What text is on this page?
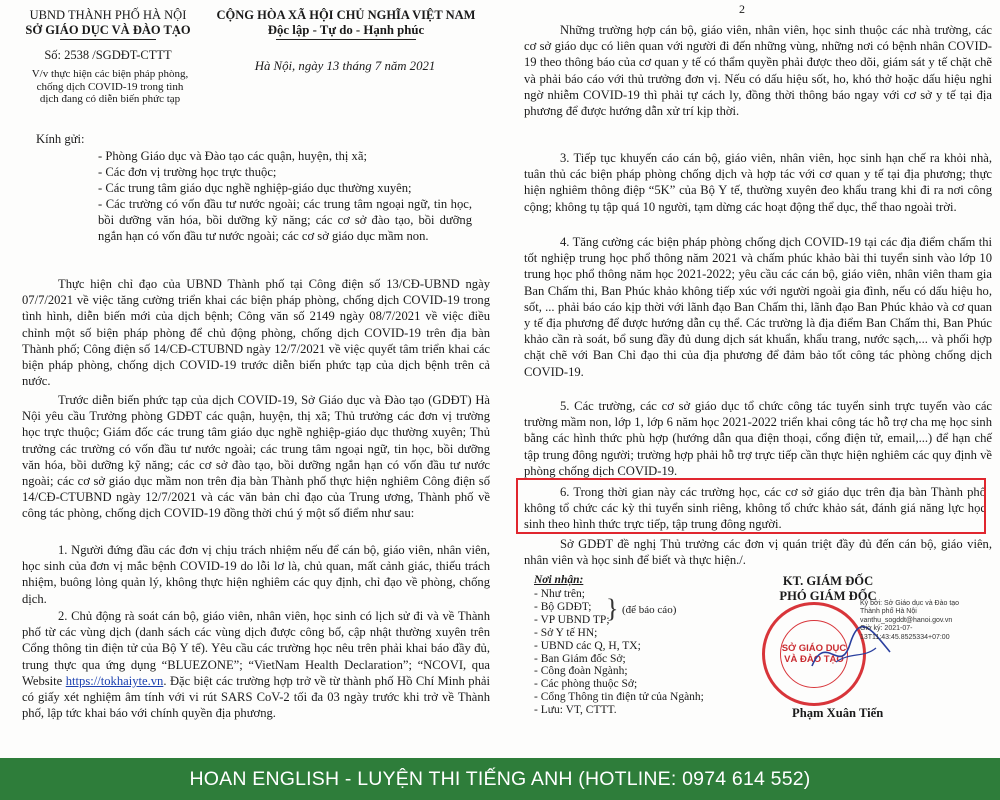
UBND THÀNH PHỐ HÀ NỘI
SỞ GIÁO DỤC VÀ ĐÀO TẠO
CỘNG HÒA XÃ HỘI CHỦ NGHĨA VIỆT NAM
Độc lập - Tự do - Hạnh phúc
Số: 2538 /SGDĐT-CTTT
Hà Nội, ngày 13 tháng 7 năm 2021
V/v thực hiện các biện pháp phòng,
chống dịch COVID-19 trong tình
dịch đang có diễn biến phức tạp
Kính gửi:
- Phòng Giáo dục và Đào tạo các quận, huyện, thị xã;
- Các đơn vị trường học trực thuộc;
- Các trung tâm giáo dục nghề nghiệp-giáo dục thường xuyên;
- Các trường có vốn đầu tư nước ngoài; các trung tâm ngoại ngữ, tin học, bồi dưỡng văn hóa, bồi dưỡng kỹ năng; các cơ sở đào tạo, bồi dưỡng ngắn hạn có vốn đầu tư nước ngoài; các cơ sở giáo dục mầm non.
Thực hiện chỉ đạo của UBND Thành phố tại Công điện số 13/CĐ-UBND ngày 07/7/2021 về việc tăng cường triển khai các biện pháp phòng, chống dịch COVID-19 trong tình hình, diễn biến mới của dịch bệnh; Công văn số 2149 ngày 08/7/2021 về việc điều chỉnh một số biện pháp phòng để chủ động phòng, chống dịch COVID-19 trên địa bàn Thành phố; Công điện số 14/CĐ-CTUBND ngày 12/7/2021 về việc quyết tâm triển khai các biện pháp phòng, chống dịch COVID-19 trước diễn biến phức tạp của dịch bệnh trên cả nước.
Trước diễn biến phức tạp của dịch COVID-19, Sở Giáo dục và Đào tạo (GDĐT) Hà Nội yêu cầu Trưởng phòng GDĐT các quận, huyện, thị xã; Thủ trưởng các đơn vị trường học trực thuộc; Giám đốc các trung tâm giáo dục nghề nghiệp-giáo dục thường xuyên; Thủ trưởng các trường có vốn đầu tư nước ngoài; các trung tâm ngoại ngữ, tin học, bồi dưỡng văn hóa, bồi dưỡng kỹ năng; các cơ sở đào tạo, bồi dưỡng ngắn hạn có vốn đầu tư nước ngoài; các cơ sở giáo dục mầm non trên địa bàn Thành phố thực hiện nghiêm Công điện số 14/CĐ-CTUBND ngày 12/7/2021 và các văn bản chỉ đạo của Trung ương, Thành phố về công tác phòng, chống dịch COVID-19 đồng thời chú ý một số điểm như sau:
1. Người đứng đầu các đơn vị chịu trách nhiệm nếu để cán bộ, giáo viên, nhân viên, học sinh của đơn vị mắc bệnh COVID-19 do lỗi lơ là, chủ quan, mất cảnh giác, thiếu trách nhiệm, buông lỏng quản lý, không thực hiện nghiêm các quy định, chỉ đạo về phòng, chống dịch.
2. Chủ động rà soát cán bộ, giáo viên, nhân viên, học sinh có lịch sử đi và về Thành phố từ các vùng dịch (danh sách các vùng dịch được công bố, cập nhật thường xuyên trên Cổng thông tin điện tử của Bộ Y tế). Yêu cầu các trường học nêu trên phải khai báo đầy đủ, trung thực qua ứng dụng “BLUEZONE”; “VietNam Health Declaration”; “NCOVI, qua Website https://tokhaiyte.vn. Đặc biệt các trường hợp trở về từ thành phố Hồ Chí Minh phải có giấy xét nghiệm âm tính với vi rút SARS CoV-2 tối đa 03 ngày trước khi trở về Thành phố, lập tức khai báo với chính quyền địa phương.
2
Những trường hợp cán bộ, giáo viên, nhân viên, học sinh thuộc các nhà trường, các cơ sở giáo dục có liên quan với người đi đến những vùng, những nơi có bệnh nhân COVID-19 theo thông báo của cơ quan y tế có thẩm quyền phải được theo dõi, giám sát y tế chặt chẽ và phải báo cáo với thủ trưởng đơn vị. Nếu có dấu hiệu sốt, ho, khó thở hoặc dấu hiệu nghi ngờ nhiễm COVID-19 thì phải tự cách ly, đồng thời thông báo ngay với cơ sở y tế tại địa phương để được hướng dẫn xử trí kịp thời.
3. Tiếp tục khuyến cáo cán bộ, giáo viên, nhân viên, học sinh hạn chế ra khỏi nhà, tuân thủ các biện pháp phòng chống dịch và hợp tác với cơ quan y tế tại địa phương; thực hiện nghiêm thông điệp “5K” của Bộ Y tế, thường xuyên đeo khẩu trang khi đi ra nơi công cộng; không tụ tập quá 10 người, tạm dừng các hoạt động thể dục, thể thao ngoài trời.
4. Tăng cường các biện pháp phòng chống dịch COVID-19 tại các địa điểm chấm thi tốt nghiệp trung học phổ thông năm 2021 và chấm phúc khảo bài thi tuyển sinh vào lớp 10 trung học phổ thông năm học 2021-2022; yêu cầu các cán bộ, giáo viên, nhân viên tham gia Ban Chấm thi, Ban Phúc khảo không tiếp xúc với người ngoài gia đình, nếu có dấu hiệu ho, sốt, ... phải báo cáo kịp thời với lãnh đạo Ban Chấm thi, lãnh đạo Ban Phúc khảo và cơ quan y tế địa phương để được hướng dẫn cụ thể. Các trường là địa điểm Ban Chấm thi, Ban Phúc khảo cần rà soát, bổ sung đầy đủ dung dịch sát khuẩn, khẩu trang, nước sạch,... và phối hợp chặt chẽ với Ban Chỉ đạo thi của địa phương để đảm bảo tốt công tác phòng chống dịch COVID-19.
5. Các trường, các cơ sở giáo dục tổ chức công tác tuyển sinh trực tuyến vào các trường mầm non, lớp 1, lớp 6 năm học 2021-2022 triển khai công tác hỗ trợ cha mẹ học sinh bằng các hình thức phù hợp (hướng dẫn qua điện thoại, cổng điện tử, email,...) để hạn chế tập trung đông người; trường hợp phải hỗ trợ trực tiếp cần thực hiện nghiêm các quy định về phòng chống dịch COVID-19.
6. Trong thời gian này các trường học, các cơ sở giáo dục trên địa bàn Thành phố không tổ chức các kỳ thi tuyển sinh riêng, không tổ chức khảo sát, đánh giá năng lực học sinh theo hình thức trực tiếp, tập trung đông người.
Sở GDĐT đề nghị Thủ trưởng các đơn vị quán triệt đầy đủ đến cán bộ, giáo viên, nhân viên và học sinh để biết và thực hiện./.
Nơi nhận:
- Như trên;
- Bộ GDĐT;
- VP UBND TP;
- Sở Y tế HN;
- UBND các Q, H, TX;
- Ban Giám đốc Sở;
- Công đoàn Ngành;
- Các phòng thuộc Sở;
- Cổng Thông tin điện tử của Ngành;
- Lưu: VT, CTTT.
} (để báo cáo)
KT. GIÁM ĐỐC
PHÓ GIÁM ĐỐC
SỞ GIÁO DỤC
VÀ ĐÀO TẠO
Ký bởi: Sở Giáo dục và Đào tạo
Thành phố Hà Nội
vanthu_sogddt@hanoi.gov.vn
Giờ ký: 2021-07-
13T11:43:45.8525334+07:00
Phạm Xuân Tiến
HOAN ENGLISH - LUYỆN THI TIẾNG ANH (HOTLINE: 0974 614 552)
